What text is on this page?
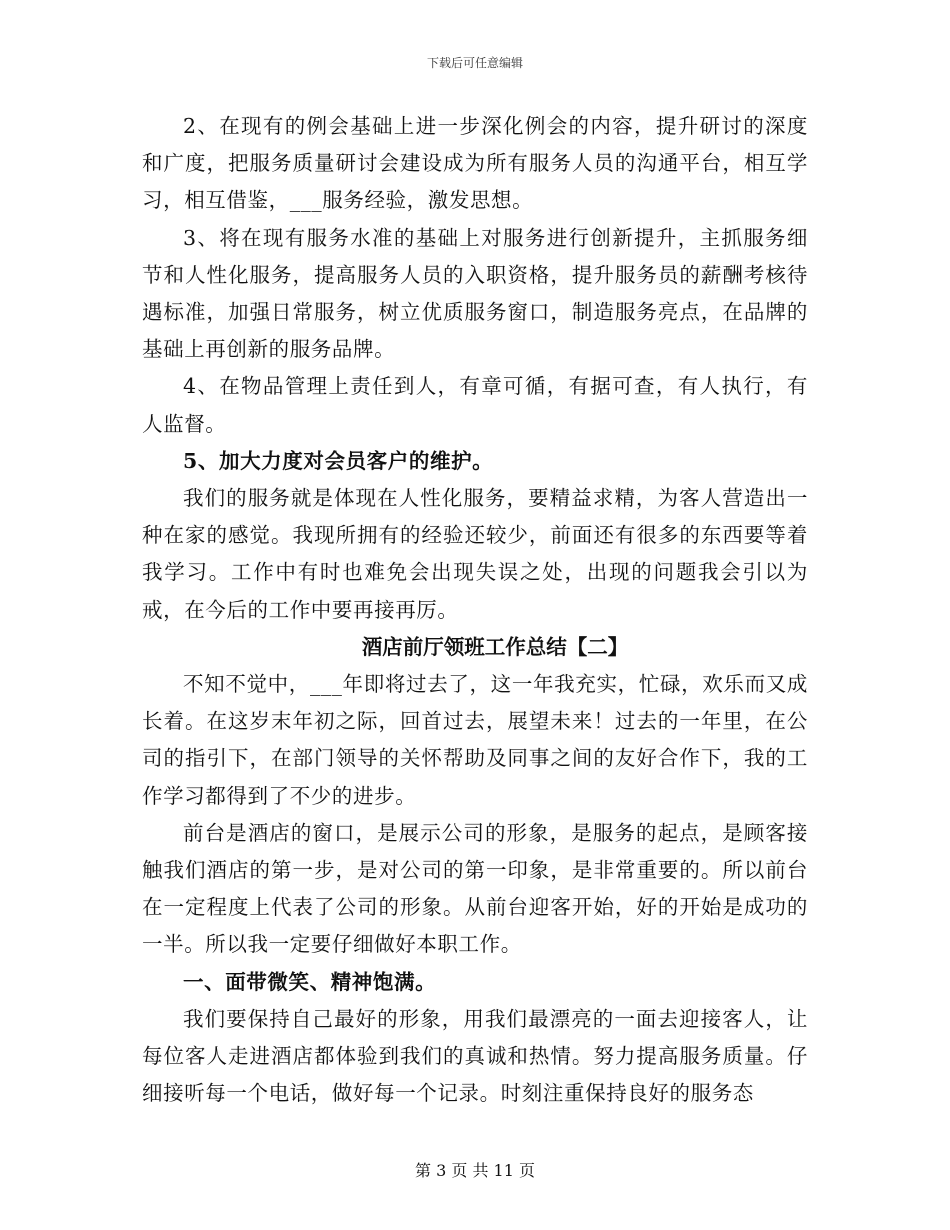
下载后可任意编辑

2、在现有的例会基础上进一步深化例会的内容，提升研讨的深度和广度，把服务质量研讨会建设成为所有服务人员的沟通平台，相互学习，相互借鉴，___服务经验，激发思想。

3、将在现有服务水准的基础上对服务进行创新提升，主抓服务细节和人性化服务，提高服务人员的入职资格，提升服务员的薪酬考核待遇标准，加强日常服务，树立优质服务窗口，制造服务亮点，在品牌的基础上再创新的服务品牌。

4、在物品管理上责任到人，有章可循，有据可查，有人执行，有人监督。

5、加大力度对会员客户的维护。

我们的服务就是体现在人性化服务，要精益求精，为客人营造出一种在家的感觉。我现所拥有的经验还较少，前面还有很多的东西要等着我学习。工作中有时也难免会出现失误之处，出现的问题我会引以为戒，在今后的工作中要再接再厉。

酒店前厅领班工作总结【二】

不知不觉中，___年即将过去了，这一年我充实，忙碌，欢乐而又成长着。在这岁末年初之际，回首过去，展望未来！过去的一年里，在公司的指引下，在部门领导的关怀帮助及同事之间的友好合作下，我的工作学习都得到了不少的进步。

前台是酒店的窗口，是展示公司的形象，是服务的起点，是顾客接触我们酒店的第一步，是对公司的第一印象，是非常重要的。所以前台在一定程度上代表了公司的形象。从前台迎客开始，好的开始是成功的一半。所以我一定要仔细做好本职工作。

一、面带微笑、精神饱满。

我们要保持自己最好的形象，用我们最漂亮的一面去迎接客人，让每位客人走进酒店都体验到我们的真诚和热情。努力提高服务质量。仔细接听每一个电话，做好每一个记录。时刻注重保持良好的服务态

第 3 页 共 11 页
